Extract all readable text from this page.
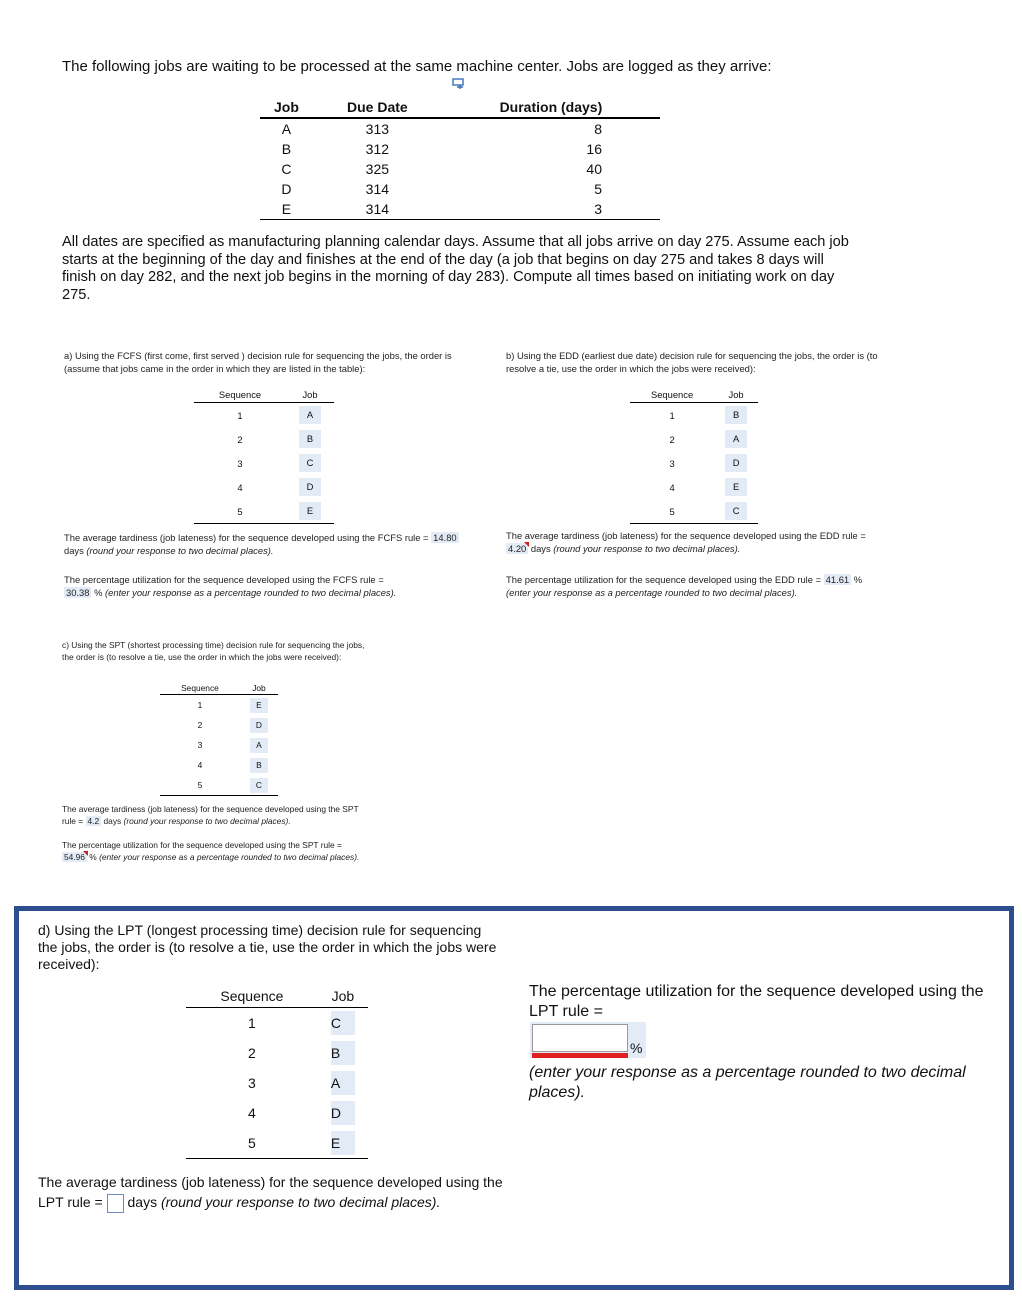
The following jobs are waiting to be processed at the same machine center. Jobs are logged as they arrive:
Job	Due Date	Duration (days)
A	313	8
B	312	16
C	325	40
D	314	5
E	314	3
All dates are specified as manufacturing planning calendar days. Assume that all jobs arrive on day 275. Assume each job starts at the beginning of the day and finishes at the end of the day (a job that begins on day 275 and takes 8 days will finish on day 282, and the next job begins in the morning of day 283). Compute all times based on initiating work on day 275.
a) Using the FCFS (first come, first served ) decision rule for sequencing the jobs, the order is (assume that jobs came in the order in which they are listed in the table):
Sequence	Job
1	A
2	B
3	C
4	D
5	E
The average tardiness (job lateness) for the sequence developed using the FCFS rule = 14.80 days (round your response to two decimal places).
The percentage utilization for the sequence developed using the FCFS rule =
30.38 % (enter your response as a percentage rounded to two decimal places).
b) Using the EDD (earliest due date) decision rule for sequencing the jobs, the order is (to resolve a tie, use the order in which the jobs were received):
Sequence	Job
1	B
2	A
3	D
4	E
5	C
The average tardiness (job lateness) for the sequence developed using the EDD rule =
4.20 days (round your response to two decimal places).
The percentage utilization for the sequence developed using the EDD rule = 41.61 %
(enter your response as a percentage rounded to two decimal places).
c) Using the SPT (shortest processing time) decision rule for sequencing the jobs, the order is (to resolve a tie, use the order in which the jobs were received):
Sequence	Job
1	E
2	D
3	A
4	B
5	C
The average tardiness (job lateness) for the sequence developed using the SPT rule = 4.2 days (round your response to two decimal places).
The percentage utilization for the sequence developed using the SPT rule =
54.96 % (enter your response as a percentage rounded to two decimal places).
d) Using the LPT (longest processing time) decision rule for sequencing the jobs, the order is (to resolve a tie, use the order in which the jobs were received):
Sequence	Job
1	C
2	B
3	A
4	D
5	E
The average tardiness (job lateness) for the sequence developed using the LPT rule = days (round your response to two decimal places).
The percentage utilization for the sequence developed using the LPT rule =
%
(enter your response as a percentage rounded to two decimal places).
